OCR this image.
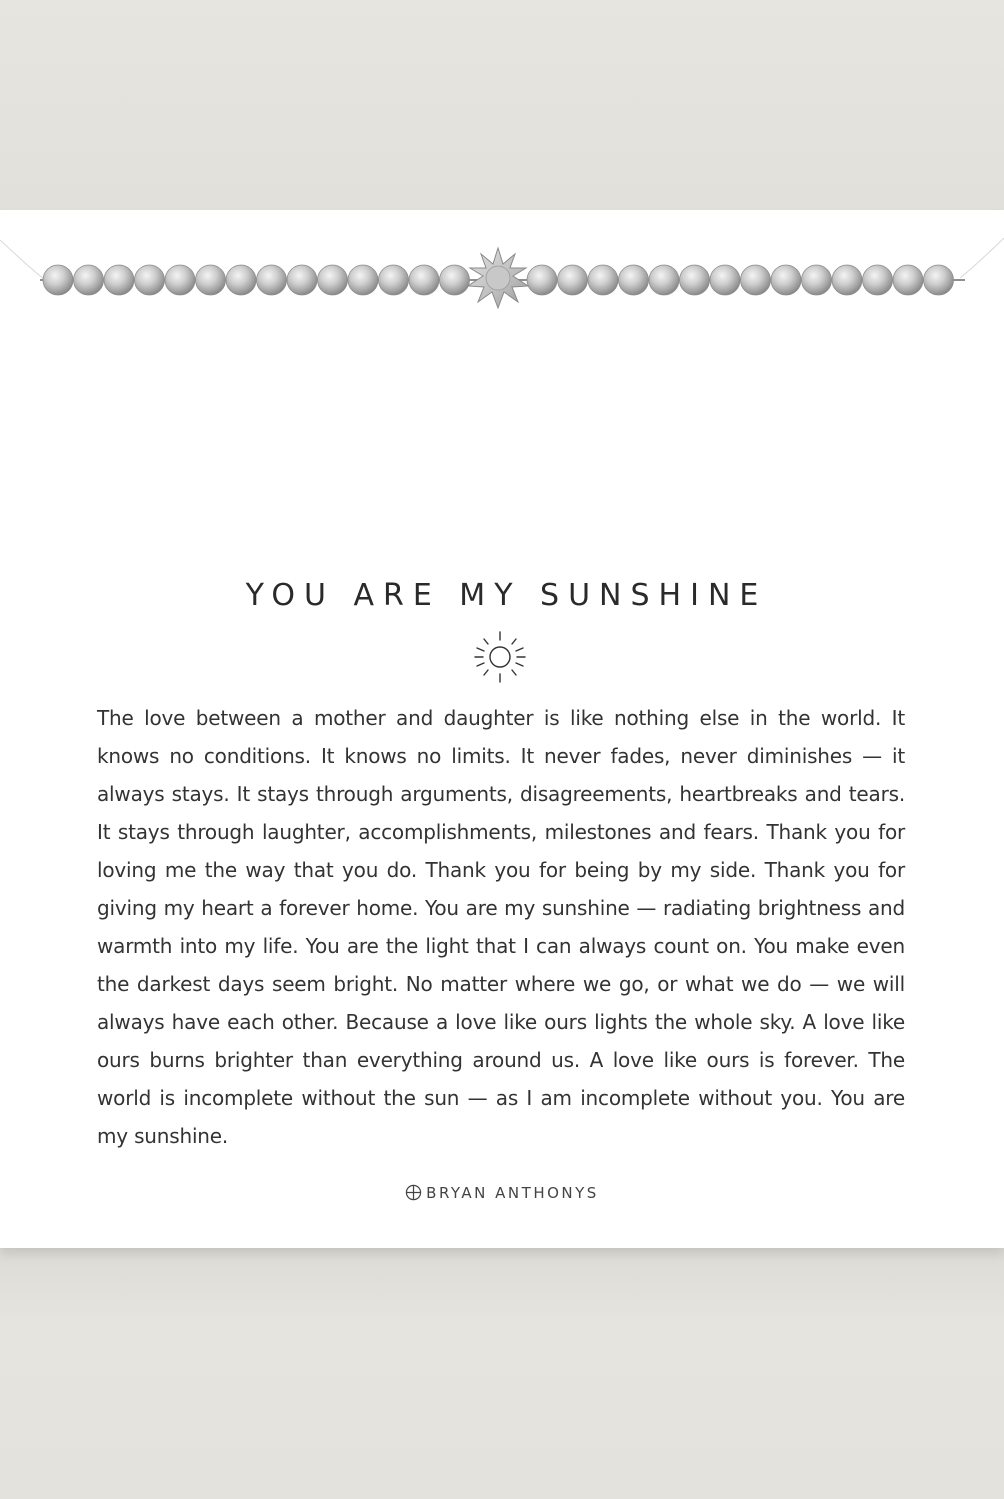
YOU ARE MY SUNSHINE

The love between a mother and daughter is like nothing else in the world. It knows no conditions. It knows no limits. It never fades, never diminishes — it always stays. It stays through arguments, disagreements, heartbreaks and tears. It stays through laughter, accomplishments, milestones and fears. Thank you for loving me the way that you do. Thank you for being by my side. Thank you for giving my heart a forever home. You are my sunshine — radiating brightness and warmth into my life. You are the light that I can always count on. You make even the darkest days seem bright. No matter where we go, or what we do — we will always have each other. Because a love like ours lights the whole sky. A love like ours burns brighter than everything around us. A love like ours is forever. The world is incomplete without the sun — as I am incomplete without you. You are my sunshine.

BRYAN ANTHONYS
